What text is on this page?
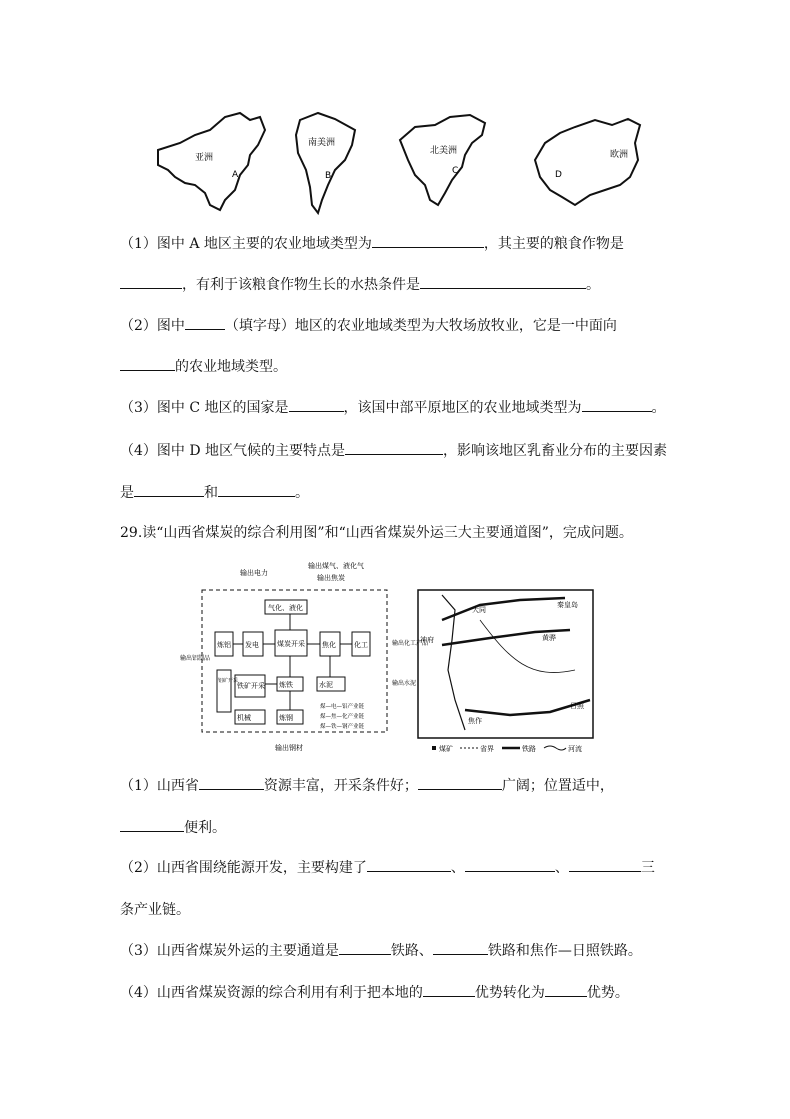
亚洲
A
南美洲
B
北美洲
C
欧洲
D
（1）图中 A 地区主要的农业地域类型为	，其主要的粮食作物是
，有利于该粮食作物生长的水热条件是	。
（2）图中	（填字母）地区的农业地域类型为大牧场放牧业，它是一中面向
的农业地域类型。
（3）图中 C 地区的国家是	，该国中部平原地区的农业地域类型为	。
（4）图中 D 地区气候的主要特点是	，影响该地区乳畜业分布的主要因素
是	和	。
29.读“山西省煤炭的综合利用图”和“山西省煤炭外运三大主要通道图”，完成问题。
输出煤气、液化气
输出电力
输出焦炭
气化、液化
发电	煤炭开采 焦化	化工
炼铝
铁矿开采 炼铁	水泥
机械	炼钢
铝矿开采
输出铝制品
输出化工产品
输出水泥
输出钢材
煤—电—铝产业链
煤—焦—化产业链
煤—铁—钢产业链
大同
秦皇岛
神府	黄骅
焦作
日照
煤矿	省界	铁路	河流
（1）山西省	资源丰富，开采条件好；	广阔；位置适中，
便利。
（2）山西省围绕能源开发，主要构建了	、	、	三
条产业链。
（3）山西省煤炭外运的主要通道是	铁路、	铁路和焦作—日照铁路。
（4）山西省煤炭资源的综合利用有利于把本地的	优势转化为	优势。
